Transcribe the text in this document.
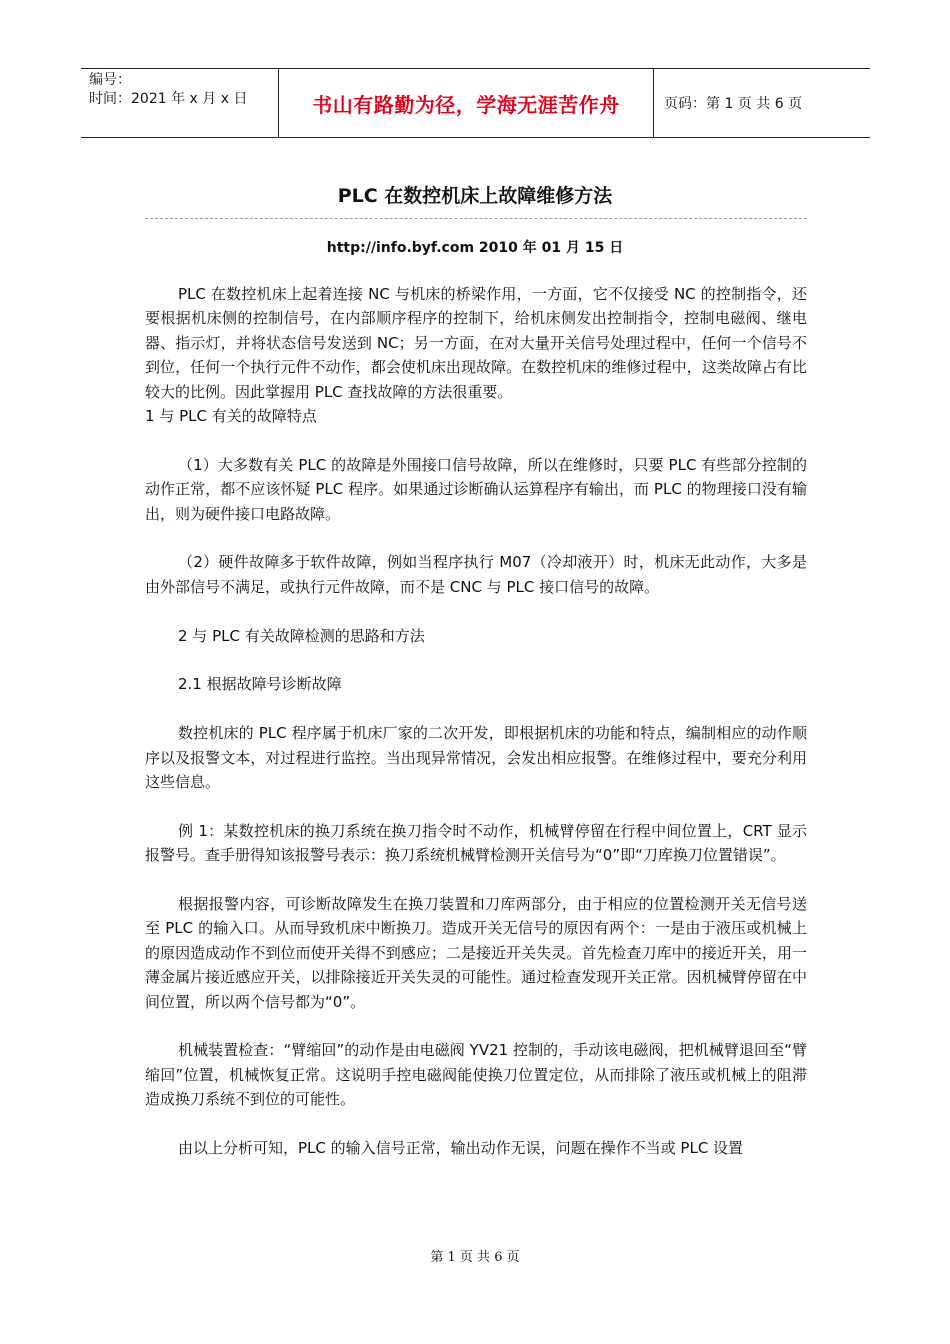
编号：
时间：2021 年 x 月 x 日	书山有路勤为径，学海无涯苦作舟	页码：第 1 页 共 6 页
PLC 在数控机床上故障维修方法
http://info.byf.com 2010 年 01 月 15 日

PLC 在数控机床上起着连接 NC 与机床的桥梁作用，一方面，它不仅接受 NC 的控制指令，还要根据机床侧的控制信号，在内部顺序程序的控制下，给机床侧发出控制指令，控制电磁阀、继电器、指示灯，并将状态信号发送到 NC；另一方面，在对大量开关信号处理过程中，任何一个信号不到位，任何一个执行元件不动作，都会使机床出现故障。在数控机床的维修过程中，这类故障占有比较大的比例。因此掌握用 PLC 查找故障的方法很重要。

1 与 PLC 有关的故障特点

（1）大多数有关 PLC 的故障是外围接口信号故障，所以在维修时，只要 PLC 有些部分控制的动作正常，都不应该怀疑 PLC 程序。如果通过诊断确认运算程序有输出，而 PLC 的物理接口没有输出，则为硬件接口电路故障。

（2）硬件故障多于软件故障，例如当程序执行 M07（冷却液开）时，机床无此动作，大多是由外部信号不满足，或执行元件故障，而不是 CNC 与 PLC 接口信号的故障。

2 与 PLC 有关故障检测的思路和方法

2.1 根据故障号诊断故障

数控机床的 PLC 程序属于机床厂家的二次开发，即根据机床的功能和特点，编制相应的动作顺序以及报警文本，对过程进行监控。当出现异常情况，会发出相应报警。在维修过程中，要充分利用这些信息。

例 1：某数控机床的换刀系统在换刀指令时不动作，机械臂停留在行程中间位置上，CRT 显示报警号。查手册得知该报警号表示：换刀系统机械臂检测开关信号为“0”即“刀库换刀位置错误”。

根据报警内容，可诊断故障发生在换刀装置和刀库两部分，由于相应的位置检测开关无信号送至 PLC 的输入口。从而导致机床中断换刀。造成开关无信号的原因有两个：一是由于液压或机械上的原因造成动作不到位而使开关得不到感应；二是接近开关失灵。首先检查刀库中的接近开关，用一薄金属片接近感应开关，以排除接近开关失灵的可能性。通过检查发现开关正常。因机械臂停留在中间位置，所以两个信号都为“0”。

机械装置检查：“臂缩回”的动作是由电磁阀 YV21 控制的，手动该电磁阀，把机械臂退回至“臂缩回”位置，机械恢复正常。这说明手控电磁阀能使换刀位置定位，从而排除了液压或机械上的阻滞造成换刀系统不到位的可能性。

由以上分析可知，PLC 的输入信号正常，输出动作无误，问题在操作不当或 PLC 设置

第 1 页 共 6 页
